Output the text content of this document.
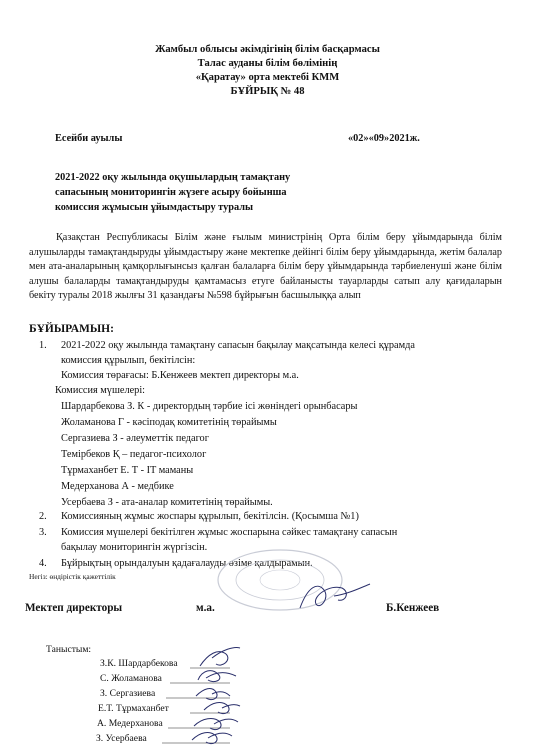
Жамбыл облысы әкімдігінің білім басқармасы
Талас ауданы білім бөлімінің
«Қаратау» орта мектебі КММ
БҰЙРЫҚ № 48
Есейби ауылы	«02»«09»2021ж.
2021-2022 оқу жылында оқушылардың тамақтану
сапасының мониторингін жүзеге асыру бойынша
комиссия жұмысын ұйымдастыру туралы
Қазақстан Республикасы Білім және ғылым министрінің Орта білім беру ұйымдарында білім алушыларды тамақтандыруды ұйымдастыру және мектепке дейінгі білім беру ұйымдарында, жетім балалар мен ата-аналарының қамқорлығынсыз қалған балаларға білім беру ұйымдарында тәрбиеленуші және білім алушы балаларды тамақтандыруды қамтамасыз етуге байланысты тауарларды сатып алу қағидаларын бекіту туралы 2018 жылғы 31 қазандағы №598 бұйрығын басшылыққа алып
БҰЙЫРАМЫН:
1. 2021-2022 оқу жылында тамақтану сапасын бақылау мақсатында келесі құрамда
комиссия құрылып, бекітілсін:
Комиссия төрағасы: Б.Кенжеев мектеп директоры м.а.
Комиссия мүшелері:
Шардарбекова З. К - директордың тәрбие ісі жөніндегі орынбасары
Жоламанова Г - кәсіподақ комитетінің төрайымы
Сергазиева З - әлеуметтік педагог
Темірбеков Қ – педагог-психолог
Тұрмаханбет Е. Т - IT маманы
Медерханова А - медбике
Усербаева З - ата-аналар комитетінің төрайымы.
2. Комиссияның жұмыс жоспары құрылып, бекітілсін. (Қосымша №1)
3. Комиссия мүшелері бекітілген жұмыс жоспарына сәйкес тамақтану сапасын
бақылау мониторингін жүргізсін.
4. Бұйрықтың орындалуын қадағалауды өзіме қалдырамын.
Негіз: өндірістік қажеттілік
Мектеп директоры	м.а.	Б.Кенжеев
Таныстым:
З.К. Шардарбекова
С. Жоламанова
З. Сергазиева
Е.Т. Тұрмаханбет
А. Медерханова
З. Усербаева
